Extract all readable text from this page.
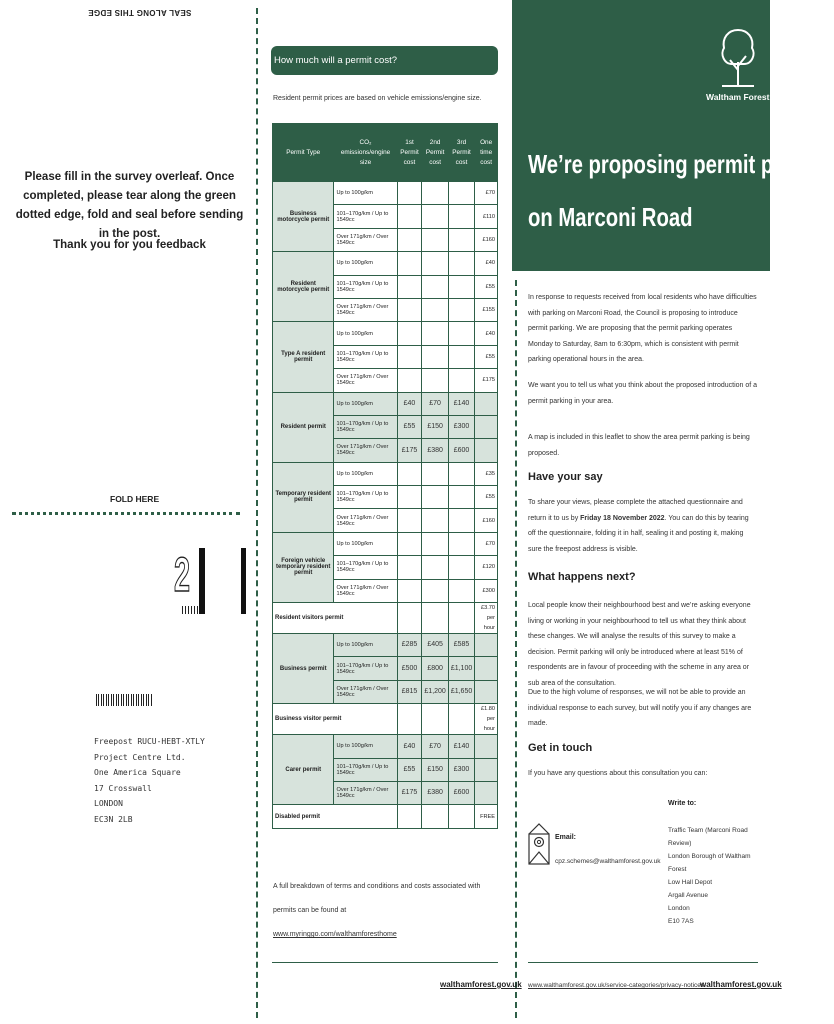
SEAL ALONG THIS EDGE
Please fill in the survey overleaf. Once completed, please tear along the green dotted edge, fold and seal before sending in the post.
Thank you for you feedback
FOLD HERE
2
Freepost RUCU-HEBT-XTLY
Project Centre Ltd.
One America Square
17 Crosswall
LONDON
EC3N 2LB
How much will a permit cost?
Resident permit prices are based on vehicle emissions/engine size.
Permit Type	CO₂ emissions/engine size	1st Permit cost	2nd Permit cost	3rd Permit cost	One time cost
Business motorcycle permit	Up to 100g/km				£70
	101–170g/km / Up to 1549cc				£110
	Over 171g/km / Over 1549cc				£160
Resident motorcycle permit	Up to 100g/km				£40
	101–170g/km / Up to 1549cc				£55
	Over 171g/km / Over 1549cc				£155
Type A resident permit	Up to 100g/km				£40
	101–170g/km / Up to 1549cc				£55
	Over 171g/km / Over 1549cc				£175
Resident permit	Up to 100g/km	£40	£70	£140	
	101–170g/km / Up to 1549cc	£55	£150	£300	
	Over 171g/km / Over 1549cc	£175	£380	£600	
Temporary resident permit	Up to 100g/km				£35
	101–170g/km / Up to 1549cc				£55
	Over 171g/km / Over 1549cc				£160
Foreign vehicle temporary resident permit	Up to 100g/km				£70
	101–170g/km / Up to 1549cc				£120
	Over 171g/km / Over 1549cc				£300
Resident visitors permit					£3.70 per hour
Business permit	Up to 100g/km	£285	£405	£585	
	101–170g/km / Up to 1549cc	£500	£800	£1,100	
	Over 171g/km / Over 1549cc	£815	£1,200	£1,650	
Business visitor permit					£1.80 per hour
Carer permit	Up to 100g/km	£40	£70	£140	
	101–170g/km / Up to 1549cc	£55	£150	£300	
	Over 171g/km / Over 1549cc	£175	£380	£600	
Disabled permit					FREE
A full breakdown of terms and conditions and costs associated with permits can be found at
www.myringgo.com/walthamforesthome
walthamforest.gov.uk
Waltham Forest
We’re proposing permit parking
on Marconi Road
In response to requests received from local residents who have difficulties with parking on Marconi Road, the Council is proposing to introduce permit parking. We are proposing that the permit parking operates Monday to Saturday, 8am to 6:30pm, which is consistent with permit parking operational hours in the area.
We want you to tell us what you think about the proposed introduction of a permit parking in your area.
A map is included in this leaflet to show the area permit parking is being proposed.
Have your say
To share your views, please complete the attached questionnaire and return it to us by Friday 18 November 2022. You can do this by tearing off the questionnaire, folding it in half, sealing it and posting it, making sure the freepost address is visible.
What happens next?
Local people know their neighbourhood best and we’re asking everyone living or working in your neighbourhood to tell us what they think about these changes. We will analyse the results of this survey to make a decision. Permit parking will only be introduced where at least 51% of respondents are in favour of proceeding with the scheme in any area or sub area of the consultation.
Due to the high volume of responses, we will not be able to provide an individual response to each survey, but will notify you if any changes are made.
Get in touch
If you have any questions about this consultation you can:
Email:
cpz.schemes@walthamforest.gov.uk
Write to:
Traffic Team (Marconi Road Review)
London Borough of Waltham Forest
Low Hall Depot
Argall Avenue
London
E10 7AS
www.walthamforest.gov.uk/service-categories/privacy-notices
walthamforest.gov.uk
